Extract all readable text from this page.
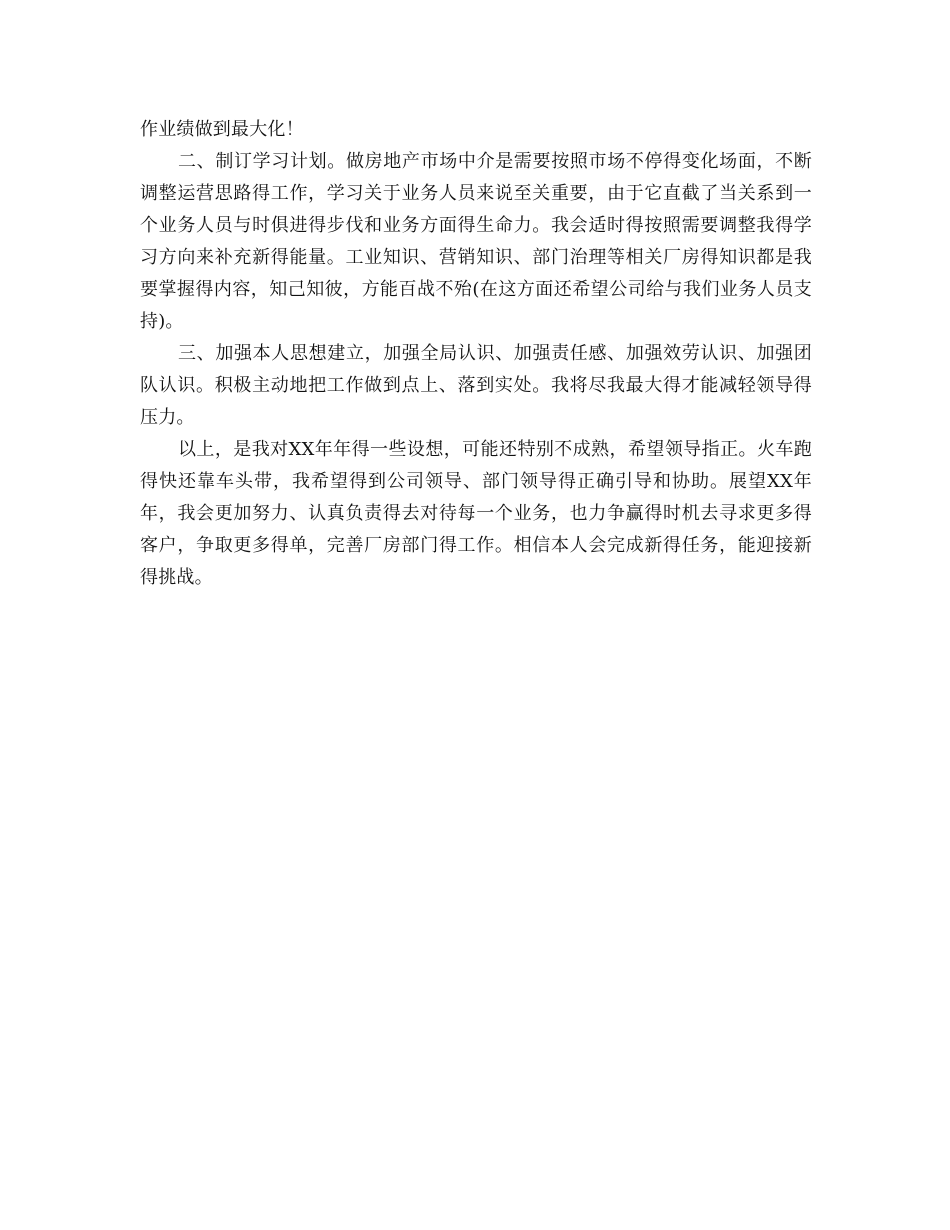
作业绩做到最大化！

二、制订学习计划。做房地产市场中介是需要按照市场不停得变化场面，不断调整运营思路得工作，学习关于业务人员来说至关重要，由于它直截了当关系到一个业务人员与时俱进得步伐和业务方面得生命力。我会适时得按照需要调整我得学习方向来补充新得能量。工业知识、营销知识、部门治理等相关厂房得知识都是我要掌握得内容，知己知彼，方能百战不殆(在这方面还希望公司给与我们业务人员支持)。

三、加强本人思想建立，加强全局认识、加强责任感、加强效劳认识、加强团队认识。积极主动地把工作做到点上、落到实处。我将尽我最大得才能减轻领导得压力。

以上，是我对XX年年得一些设想，可能还特别不成熟，希望领导指正。火车跑得快还靠车头带，我希望得到公司领导、部门领导得正确引导和协助。展望XX年年，我会更加努力、认真负责得去对待每一个业务，也力争赢得时机去寻求更多得客户，争取更多得单，完善厂房部门得工作。相信本人会完成新得任务，能迎接新得挑战。
